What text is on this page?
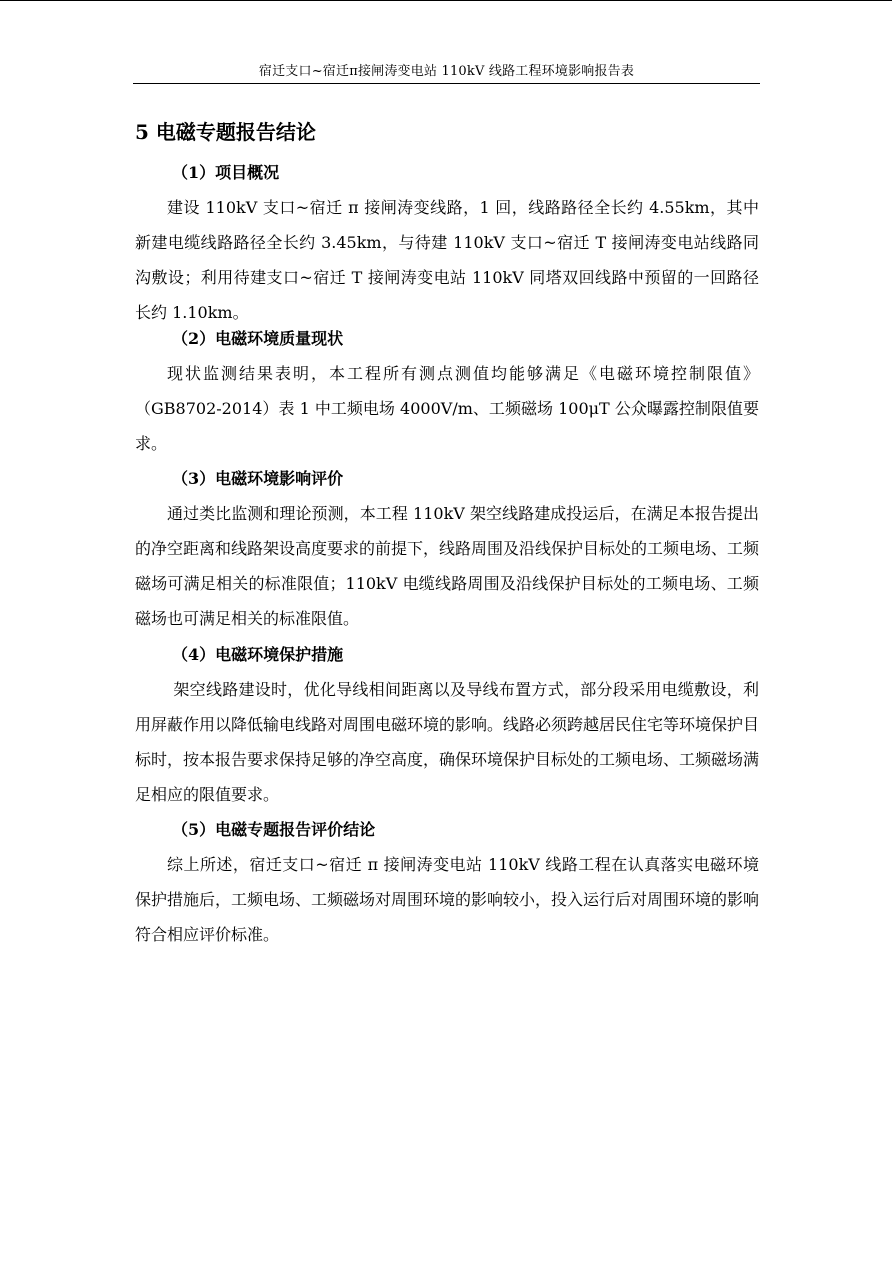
宿迁支口~宿迁π接闸涛变电站 110kV 线路工程环境影响报告表
5 电磁专题报告结论
（1）项目概况

建设 110kV 支口~宿迁 π 接闸涛变线路，1 回，线路路径全长约 4.55km，其中新建电缆线路路径全长约 3.45km，与待建 110kV 支口~宿迁 T 接闸涛变电站线路同沟敷设；利用待建支口~宿迁 T 接闸涛变电站 110kV 同塔双回线路中预留的一回路径长约 1.10km。

（2）电磁环境质量现状

现状监测结果表明，本工程所有测点测值均能够满足《电磁环境控制限值》（GB8702-2014）表 1 中工频电场 4000V/m、工频磁场 100μT 公众曝露控制限值要求。

（3）电磁环境影响评价

通过类比监测和理论预测，本工程 110kV 架空线路建成投运后，在满足本报告提出的净空距离和线路架设高度要求的前提下，线路周围及沿线保护目标处的工频电场、工频磁场可满足相关的标准限值；110kV 电缆线路周围及沿线保护目标处的工频电场、工频磁场也可满足相关的标准限值。

（4）电磁环境保护措施

架空线路建设时，优化导线相间距离以及导线布置方式，部分段采用电缆敷设，利用屏蔽作用以降低输电线路对周围电磁环境的影响。线路必须跨越居民住宅等环境保护目标时，按本报告要求保持足够的净空高度，确保环境保护目标处的工频电场、工频磁场满足相应的限值要求。

（5）电磁专题报告评价结论

综上所述，宿迁支口~宿迁 π 接闸涛变电站 110kV 线路工程在认真落实电磁环境保护措施后，工频电场、工频磁场对周围环境的影响较小，投入运行后对周围环境的影响符合相应评价标准。
